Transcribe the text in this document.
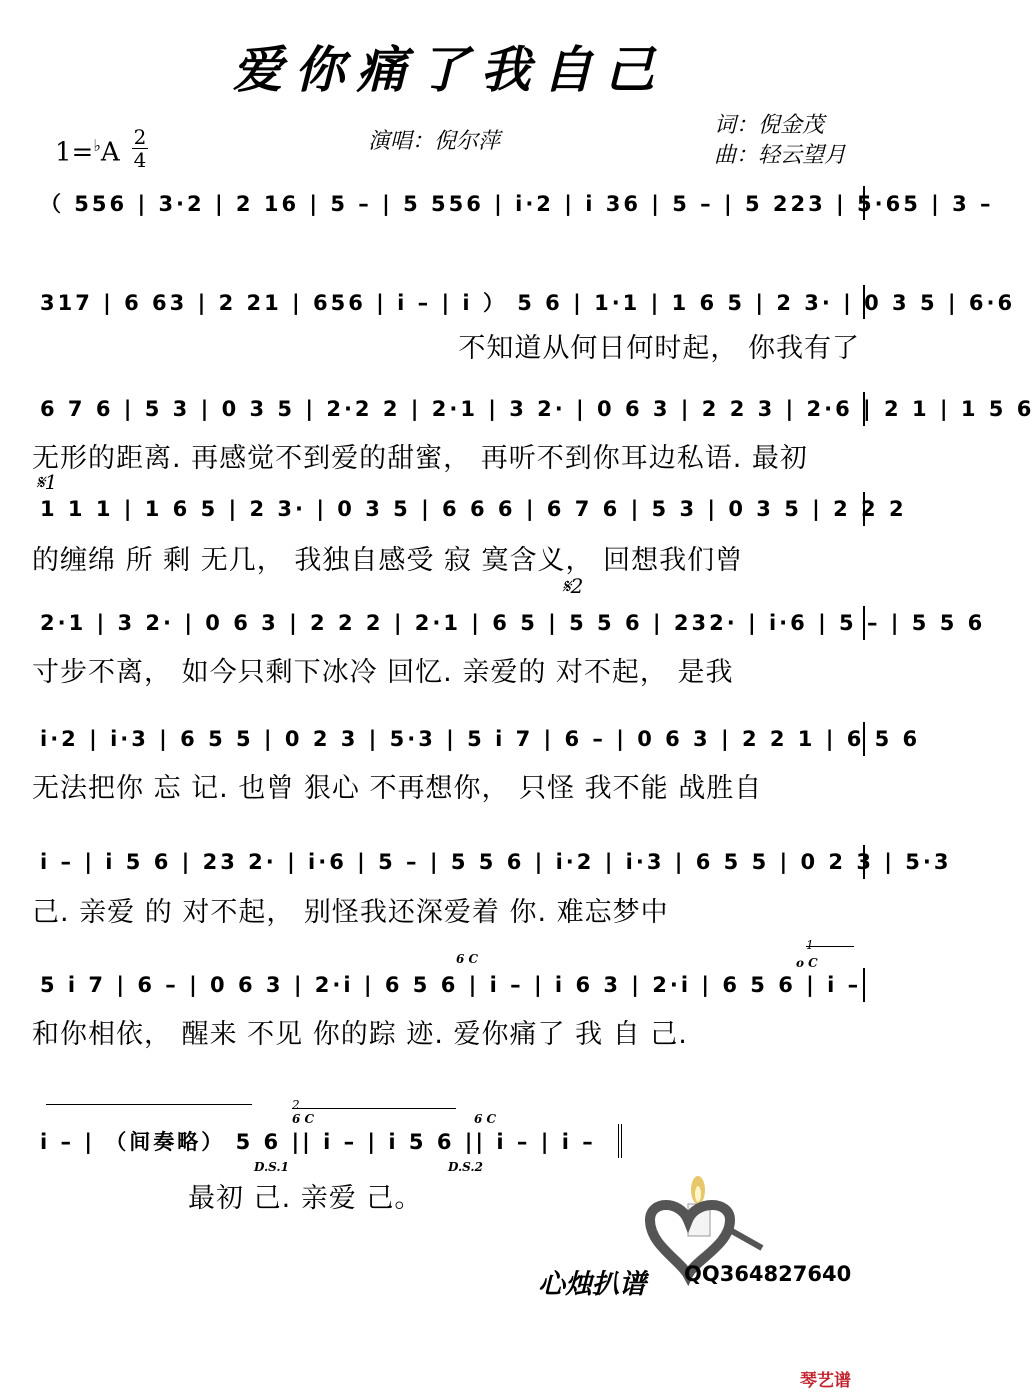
爱你痛了我自己
1=♭A
2
4
演唱：倪尔萍
词：倪金茂
曲：轻云望月
（ 556 | 3·2 | 2 16 | 5 – | 5 556 | i·2 | i 36 | 5 – | 5 223 | 5·65 | 3 –
317 | 6 63 | 2 21 | 656 | i – | i ） 5 6 | 1·1 | 1 6 5 | 2 3· | 0 3 5 | 6·6
不知道从何日何时起， 你我有了
6 7 6 | 5 3 | 0 3 5 | 2·2 2 | 2·1 | 3 2· | 0 6 3 | 2 2 3 | 2·6 | 2 1 | 1 5 6
无形的距离. 再感觉不到爱的甜蜜， 再听不到你耳边私语. 最初
𝄋1
1 1 1 | 1 6 5 | 2 3· | 0 3 5 | 6 6 6 | 6 7 6 | 5 3 | 0 3 5 | 2 2 2
的缠绵 所 剩 无几， 我独自感受 寂 寞含义， 回想我们曾
𝄋2
2·1 | 3 2· | 0 6 3 | 2 2 2 | 2·1 | 6 5 | 5 5 6 | 232· | i·6 | 5 – | 5 5 6
寸步不离， 如今只剩下冰冷 回忆. 亲爱的 对不起， 是我
i·2 | i·3 | 6 5 5 | 0 2 3 | 5·3 | 5 i 7 | 6 – | 0 6 3 | 2 2 1 | 6 5 6
无法把你 忘 记. 也曾 狠心 不再想你， 只怪 我不能 战胜自
i – | i 5 6 | 23 2· | i·6 | 5 – | 5 5 6 | i·2 | i·3 | 6 5 5 | 0 2 3 | 5·3
己. 亲爱 的 对不起， 别怪我还深爱着 你. 难忘梦中
6 C
1
o C
5 i 7 | 6 – | 0 6 3 | 2·i | 6 5 6 | i – | i 6 3 | 2·i | 6 5 6 | i –
和你相依， 醒来 不见 你的踪 迹. 爱你痛了 我 自 己.
2
6 C	6 C
i – | （间奏略） 5 6 || i – | i 5 6 || i – | i –
D.S.1	D.S.2
最初 己. 亲爱 己。
心烛扒谱 QQ364827640
琴艺谱
